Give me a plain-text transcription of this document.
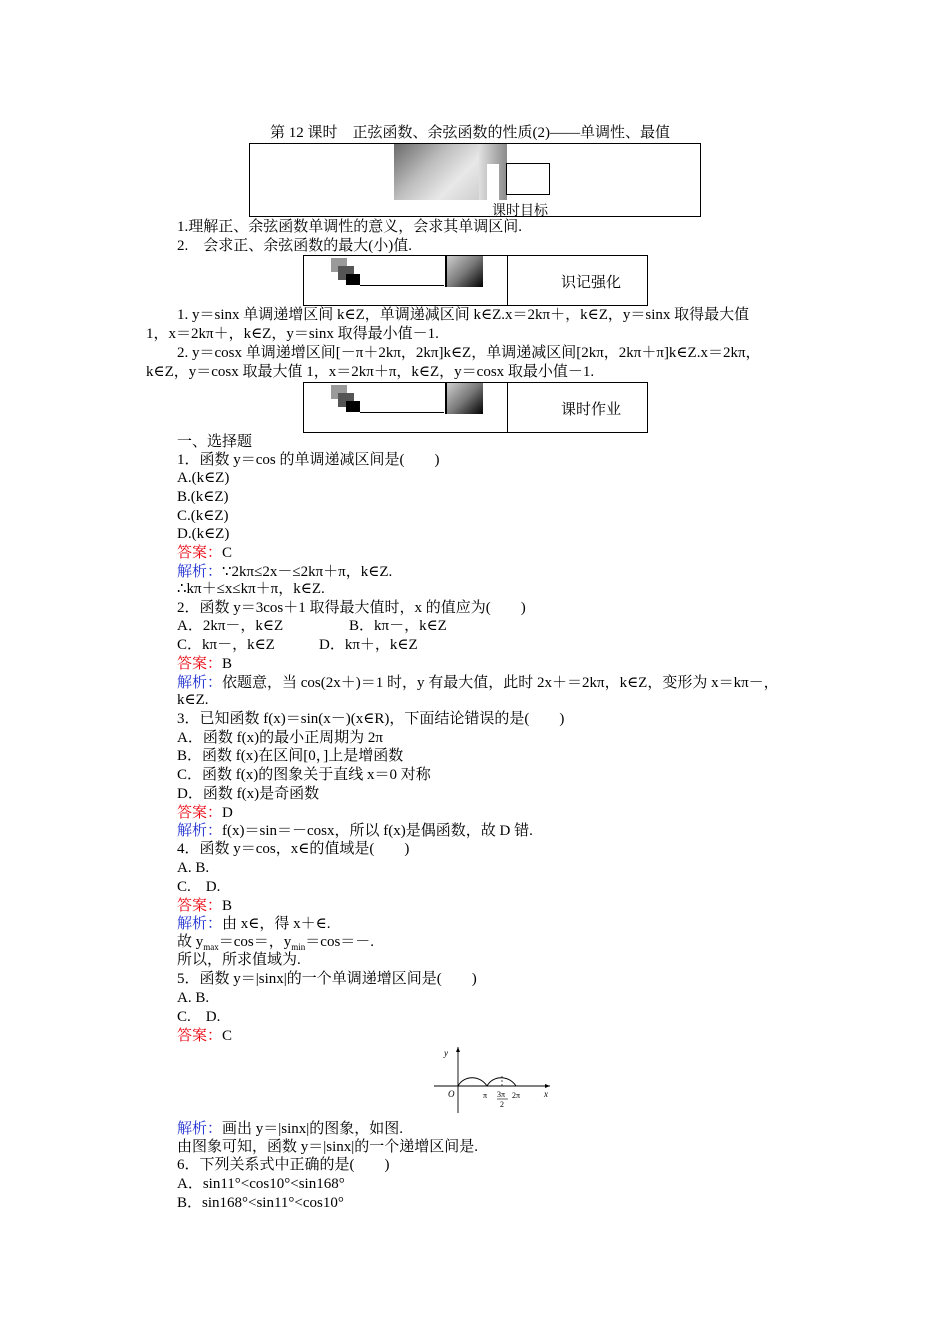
第 12 课时　正弦函数、余弦函数的性质(2)——单调性、最值
课时目标
1.理解正、余弦函数单调性的意义，会求其单调区间.
2.　会求正、余弦函数的最大(小)值.
识记强化
1. y＝sinx 单调递增区间 k∈Z，单调递减区间 k∈Z.x＝2kπ＋，k∈Z，y＝sinx 取得最大值
1，x＝2kπ＋，k∈Z，y＝sinx 取得最小值－1.
2. y＝cosx 单调递增区间[－π＋2kπ，2kπ]k∈Z，单调递减区间[2kπ，2kπ＋π]k∈Z.x＝2kπ，
k∈Z，y＝cosx 取最大值 1，x＝2kπ＋π，k∈Z，y＝cosx 取最小值－1.
课时作业
一、选择题
1．函数 y＝cos 的单调递减区间是(　　)
A.(k∈Z)
B.(k∈Z)
C.(k∈Z)
D.(k∈Z)
答案：C
解析：∵2kπ≤2x－≤2kπ＋π，k∈Z.
∴kπ＋≤x≤kπ＋π，k∈Z.
2．函数 y＝3cos＋1 取得最大值时，x 的值应为(　　)
A．2kπ－，k∈Z	B．kπ－，k∈Z
C．kπ－，k∈Z	D．kπ＋，k∈Z
答案：B
解析：依题意，当 cos(2x＋)＝1 时，y 有最大值，此时 2x＋＝2kπ，k∈Z，变形为 x＝kπ－，
k∈Z.
3．已知函数 f(x)＝sin(x－)(x∈R)，下面结论错误的是(　　)
A．函数 f(x)的最小正周期为 2π
B．函数 f(x)在区间[0，]上是增函数
C．函数 f(x)的图象关于直线 x＝0 对称
D．函数 f(x)是奇函数
答案：D
解析：f(x)＝sin＝－cosx，所以 f(x)是偶函数，故 D 错.
4．函数 y＝cos，x∈的值域是(　　)
A. B.
C.　D.
答案：B
解析：由 x∈，得 x＋∈.
故 $y_{max}=\cos=$，$y_{min}=\cos=-$.
所以，所求值域为.
5．函数 y＝|sinx|的一个单调递增区间是(　　)
A. B.
C.　D.
答案：C
y
O	π 3π
2
2π	x
解析：画出 y＝|sinx|的图象，如图.
由图象可知，函数 y＝|sinx|的一个递增区间是.
6．下列关系式中正确的是(　　)
A．sin11°<cos10°<sin168°
B．sin168°<sin11°<cos10°
